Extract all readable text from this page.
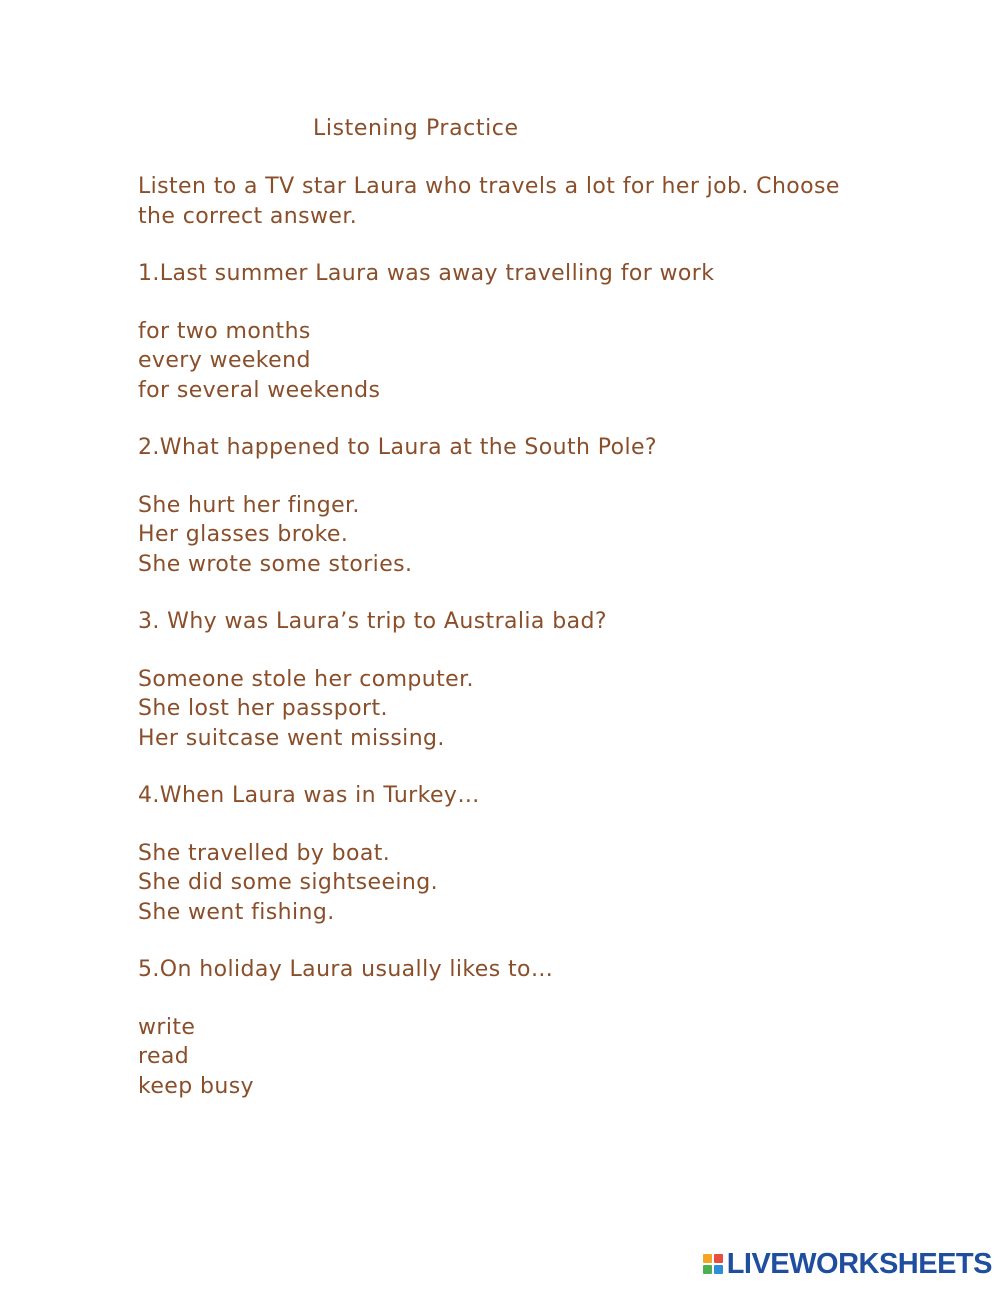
Listening Practice
Listen to a TV star Laura who travels a lot for her job. Choose the correct answer.
1.Last summer Laura was away travelling for work
for two months
every weekend
for several weekends
2.What happened to Laura at the South Pole?
She hurt her finger.
Her glasses broke.
She wrote some stories.
3. Why was Laura’s trip to Australia bad?
Someone stole her computer.
She lost her passport.
Her suitcase went missing.
4.When Laura was in Turkey…
She travelled by boat.
She did some sightseeing.
She went fishing.
5.On holiday Laura usually likes to…
write
read
keep busy
LIVEWORKSHEETS
